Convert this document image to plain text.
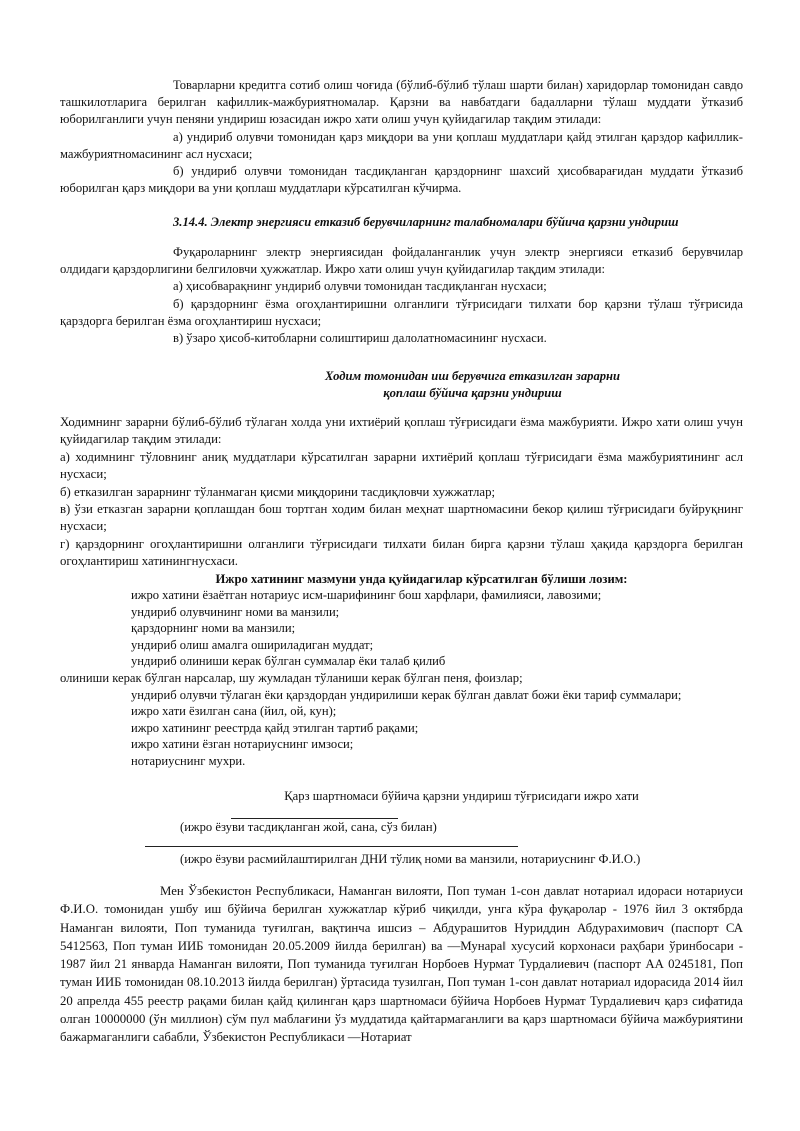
Товарларни кредитга сотиб олиш чоғида (бўлиб-бўлиб тўлаш шарти билан) харидорлар томонидан савдо ташкилотларига берилган кафиллик-мажбуриятномалар. Қарзни ва навбатдаги бадалларни тўлаш муддати ўтказиб юборилганлиги учун пеняни ундириш юзасидан ижро хати олиш учун қуйидагилар тақдим этилади:

а) ундириб олувчи томонидан қарз миқдори ва уни қоплаш муддатлари қайд этилган қарздор кафиллик-мажбуриятномасининг асл нусхаси;

б) ундириб олувчи томонидан тасдиқланган қарздорнинг шахсий ҳисобварағидан муддати ўтказиб юборилган қарз миқдори ва уни қоплаш муддатлари кўрсатилган кўчирма.

3.14.4. Электр энергияси етказиб берувчиларнинг талабномалари бўйича қарзни ундириш

Фуқароларнинг электр энергиясидан фойдаланганлик учун электр энергияси етказиб берувчилар олдидаги қарздорлигини белгиловчи ҳужжатлар. Ижро хати олиш учун қуйидагилар тақдим этилади:

а) ҳисобварақнинг ундириб олувчи томонидан тасдиқланган нусхаси;

б) қарздорнинг ёзма огоҳлантиришни олганлиги тўғрисидаги тилхати бор қарзни тўлаш тўғрисида қарздорга берилган ёзма огоҳлантириш нусхаси;

в) ўзаро ҳисоб-китобларни солиштириш далолатномасининг нусхаси.

Ходим томонидан иш берувчига етказилган зарарни

қоплаш бўйича қарзни ундириш

Ходимнинг зарарни бўлиб-бўлиб тўлаган холда уни ихтиёрий қоплаш тўғрисидаги ёзма мажбурияти. Ижро хати олиш учун қуйидагилар тақдим этилади:

а) ходимнинг тўловнинг аниқ муддатлари кўрсатилган зарарни ихтиёрий қоплаш тўғрисидаги ёзма мажбуриятининг асл нусхаси;

б) етказилган зарарнинг тўланмаган қисми миқдорини тасдиқловчи хужжатлар;

в) ўзи етказган зарарни қоплашдан бош тортган ходим билан меҳнат шартномасини бекор қилиш тўғрисидаги буйруқнинг нусхаси;

г) қарздорнинг огоҳлантиришни олганлиги тўғрисидаги тилхати билан бирга қарзни тўлаш ҳақида қарздорга берилган огоҳлантириш хатинингнусхаси.

Ижро хатининг мазмуни унда қуйидагилар кўрсатилган бўлиши лозим:

ижро хатини ёзаётган нотариус исм-шарифининг бош харфлари, фамилияси, лавозими;

ундириб олувчининг номи ва манзили;

қарздорнинг номи ва манзили;

ундириб олиш амалга оширилaдиган муддат;

ундириб олиниши керак бўлган суммалар ёки талаб қилиб

олиниши керак бўлган нарсалар, шу жумладан тўланиши керак бўлган пеня, фоизлар;

ундириб олувчи тўлаган ёки қарздордан ундирилиши керак бўлган давлат божи ёки тариф суммалари;

ижро хати ёзилган сана (йил, ой, кун);

ижро хатининг реестрда қайд этилган тартиб рақами;

ижро хатини ёзган нотариуснинг имзоси;

нотариуснинг мухри.

Қарз шартномаси бўйича қарзни ундириш тўғрисидаги ижро хати

(ижро ёзуви тасдиқланган жой, сана, сўз билан)

(ижро ёзуви расмийлаштирилган ДНИ тўлиқ номи ва манзили, нотариуснинг Ф.И.О.)

Мен Ўзбекистон Республикаси, Наманган вилояти, Поп туман 1-сон давлат нотариал идораси нотариуси Ф.И.О. томонидан ушбу иш бўйича берилган хужжатлар кўриб чиқилди, унга кўра фуқаролар - 1976 йил 3 октябрда Наманган вилояти, Поп туманида туғилган, вақтинча ишсиз – Абдурашитов Нуриддин Абдурахимович (паспорт СА 5412563, Поп туман ИИБ томонидан 20.05.2009 йилда берилган) ва ―Мунара‖ хусусий корхонаси раҳбари ўринбосари - 1987 йил 21 январда Наманган вилояти, Поп туманида туғилган Норбоев Нурмат Турдалиевич (паспорт АА 0245181, Поп туман ИИБ томонидан 08.10.2013 йилда берилган) ўртасида тузилган, Поп туман 1-сон давлат нотариал идорасида 2014 йил 20 апрелда 455 реестр рақами билан қайд қилинган қарз шартномаси бўйича Норбоев Нурмат Турдалиевич қарз сифатида олган 10000000 (ўн миллион) сўм пул маблағини ўз муддатида қайтармаганлиги ва қарз шартномаси бўйича мажбуриятини бажармаганлиги сабабли, Ўзбекистон Республикаси ―Нотариат
